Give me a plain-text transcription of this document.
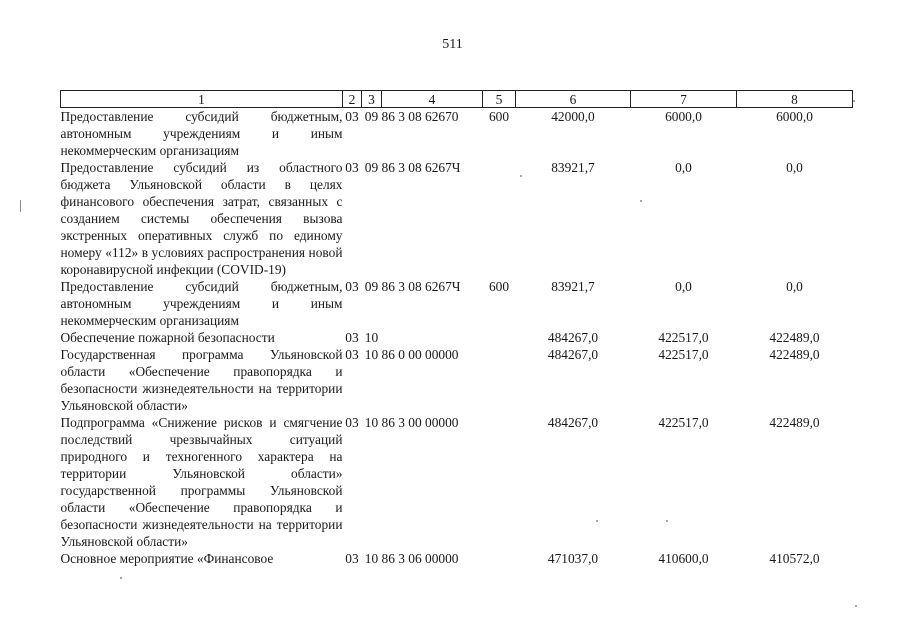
511
1	2	3	4	5	6	7	8
Предоставление субсидий бюджетным, автономным учреждениям и иным некоммерческим организациям	03	09	86 3 08 62670	600	42000,0	6000,0	6000,0
Предоставление субсидий из областного бюджета Ульяновской области в целях финансового обеспечения затрат, связанных с созданием системы обеспечения вызова экстренных оперативных служб по единому номеру «112» в условиях распространения новой коронавирусной инфекции (COVID-19)	03	09	86 3 08 6267Ч		83921,7	0,0	0,0
Предоставление субсидий бюджетным, автономным учреждениям и иным некоммерческим организациям	03	09	86 3 08 6267Ч	600	83921,7	0,0	0,0
Обеспечение пожарной безопасности	03	10			484267,0	422517,0	422489,0
Государственная программа Ульяновской области «Обеспечение правопорядка и безопасности жизнедеятельности на территории Ульяновской области»	03	10	86 0 00 00000		484267,0	422517,0	422489,0
Подпрограмма «Снижение рисков и смягчение последствий чрезвычайных ситуаций природного и техногенного характера на территории Ульяновской области» государственной программы Ульяновской области «Обеспечение правопорядка и безопасности жизнедеятельности на территории Ульяновской области»	03	10	86 3 00 00000		484267,0	422517,0	422489,0
Основное мероприятие «Финансовое	03	10	86 3 06 00000		471037,0	410600,0	410572,0
